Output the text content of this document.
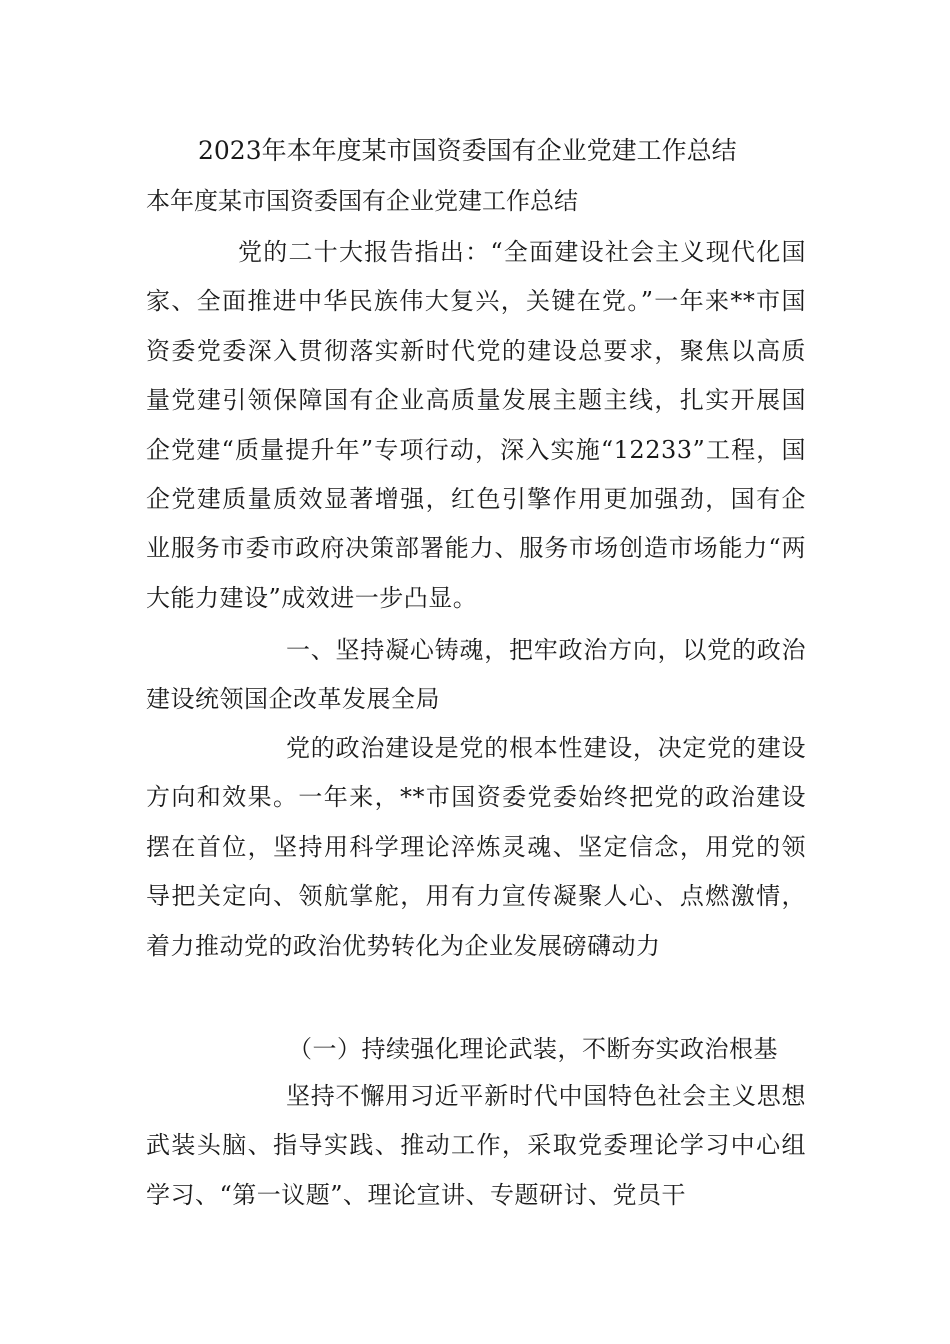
2023年本年度某市国资委国有企业党建工作总结
本年度某市国资委国有企业党建工作总结
党的二十大报告指出：“全面建设社会主义现代化国家、全面推进中华民族伟大复兴，关键在党。”一年来**市国资委党委深入贯彻落实新时代党的建设总要求，聚焦以高质量党建引领保障国有企业高质量发展主题主线，扎实开展国企党建“质量提升年”专项行动，深入实施“12233”工程，国企党建质量质效显著增强，红色引擎作用更加强劲，国有企业服务市委市政府决策部署能力、服务市场创造市场能力“两大能力建设”成效进一步凸显。
一、坚持凝心铸魂，把牢政治方向，以党的政治建设统领国企改革发展全局
党的政治建设是党的根本性建设，决定党的建设方向和效果。一年来，**市国资委党委始终把党的政治建设摆在首位，坚持用科学理论淬炼灵魂、坚定信念，用党的领导把关定向、领航掌舵，用有力宣传凝聚人心、点燃激情，着力推动党的政治优势转化为企业发展磅礴动力
（一）持续强化理论武装，不断夯实政治根基
坚持不懈用习近平新时代中国特色社会主义思想武装头脑、指导实践、推动工作，采取党委理论学习中心组学习、“第一议题”、理论宣讲、专题研讨、党员干
